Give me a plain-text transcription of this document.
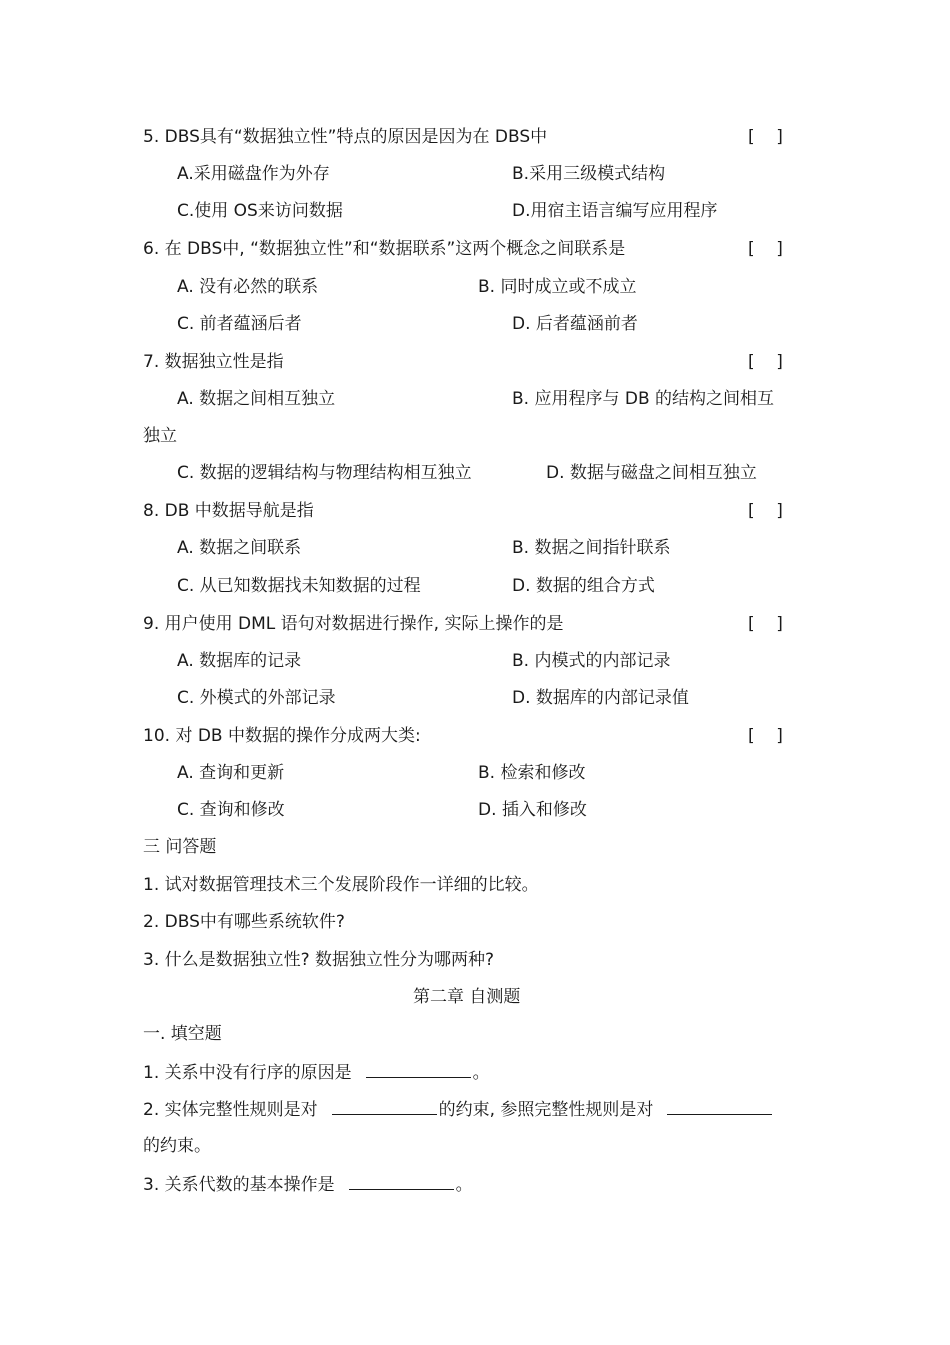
5. DBS具有“数据独立性”特点的原因是因为在 DBS中	[    ]
A.采用磁盘作为外存	B.采用三级模式结构
C.使用 OS来访问数据	D.用宿主语言编写应用程序
6. 在 DBS中, “数据独立性”和“数据联系”这两个概念之间联系是	[    ]
A. 没有必然的联系	B. 同时成立或不成立
C. 前者蕴涵后者	D. 后者蕴涵前者
7. 数据独立性是指	[    ]
A. 数据之间相互独立	B. 应用程序与 DB 的结构之间相互
独立
C. 数据的逻辑结构与物理结构相互独立	D. 数据与磁盘之间相互独立
8. DB 中数据导航是指	[    ]
A. 数据之间联系	B. 数据之间指针联系
C. 从已知数据找未知数据的过程	D. 数据的组合方式
9. 用户使用 DML 语句对数据进行操作, 实际上操作的是	[    ]
A. 数据库的记录	B. 内模式的内部记录
C. 外模式的外部记录	D. 数据库的内部记录值
10. 对 DB 中数据的操作分成两大类:	[    ]
A. 查询和更新	B. 检索和修改
C. 查询和修改	D. 插入和修改
三 问答题
1. 试对数据管理技术三个发展阶段作一详细的比较。
2. DBS中有哪些系统软件?
3. 什么是数据独立性? 数据独立性分为哪两种?
第二章 自测题
一. 填空题
1. 关系中没有行序的原因是	。
2. 实体完整性规则是对	的约束, 参照完整性规则是对
的约束。
3. 关系代数的基本操作是	。
